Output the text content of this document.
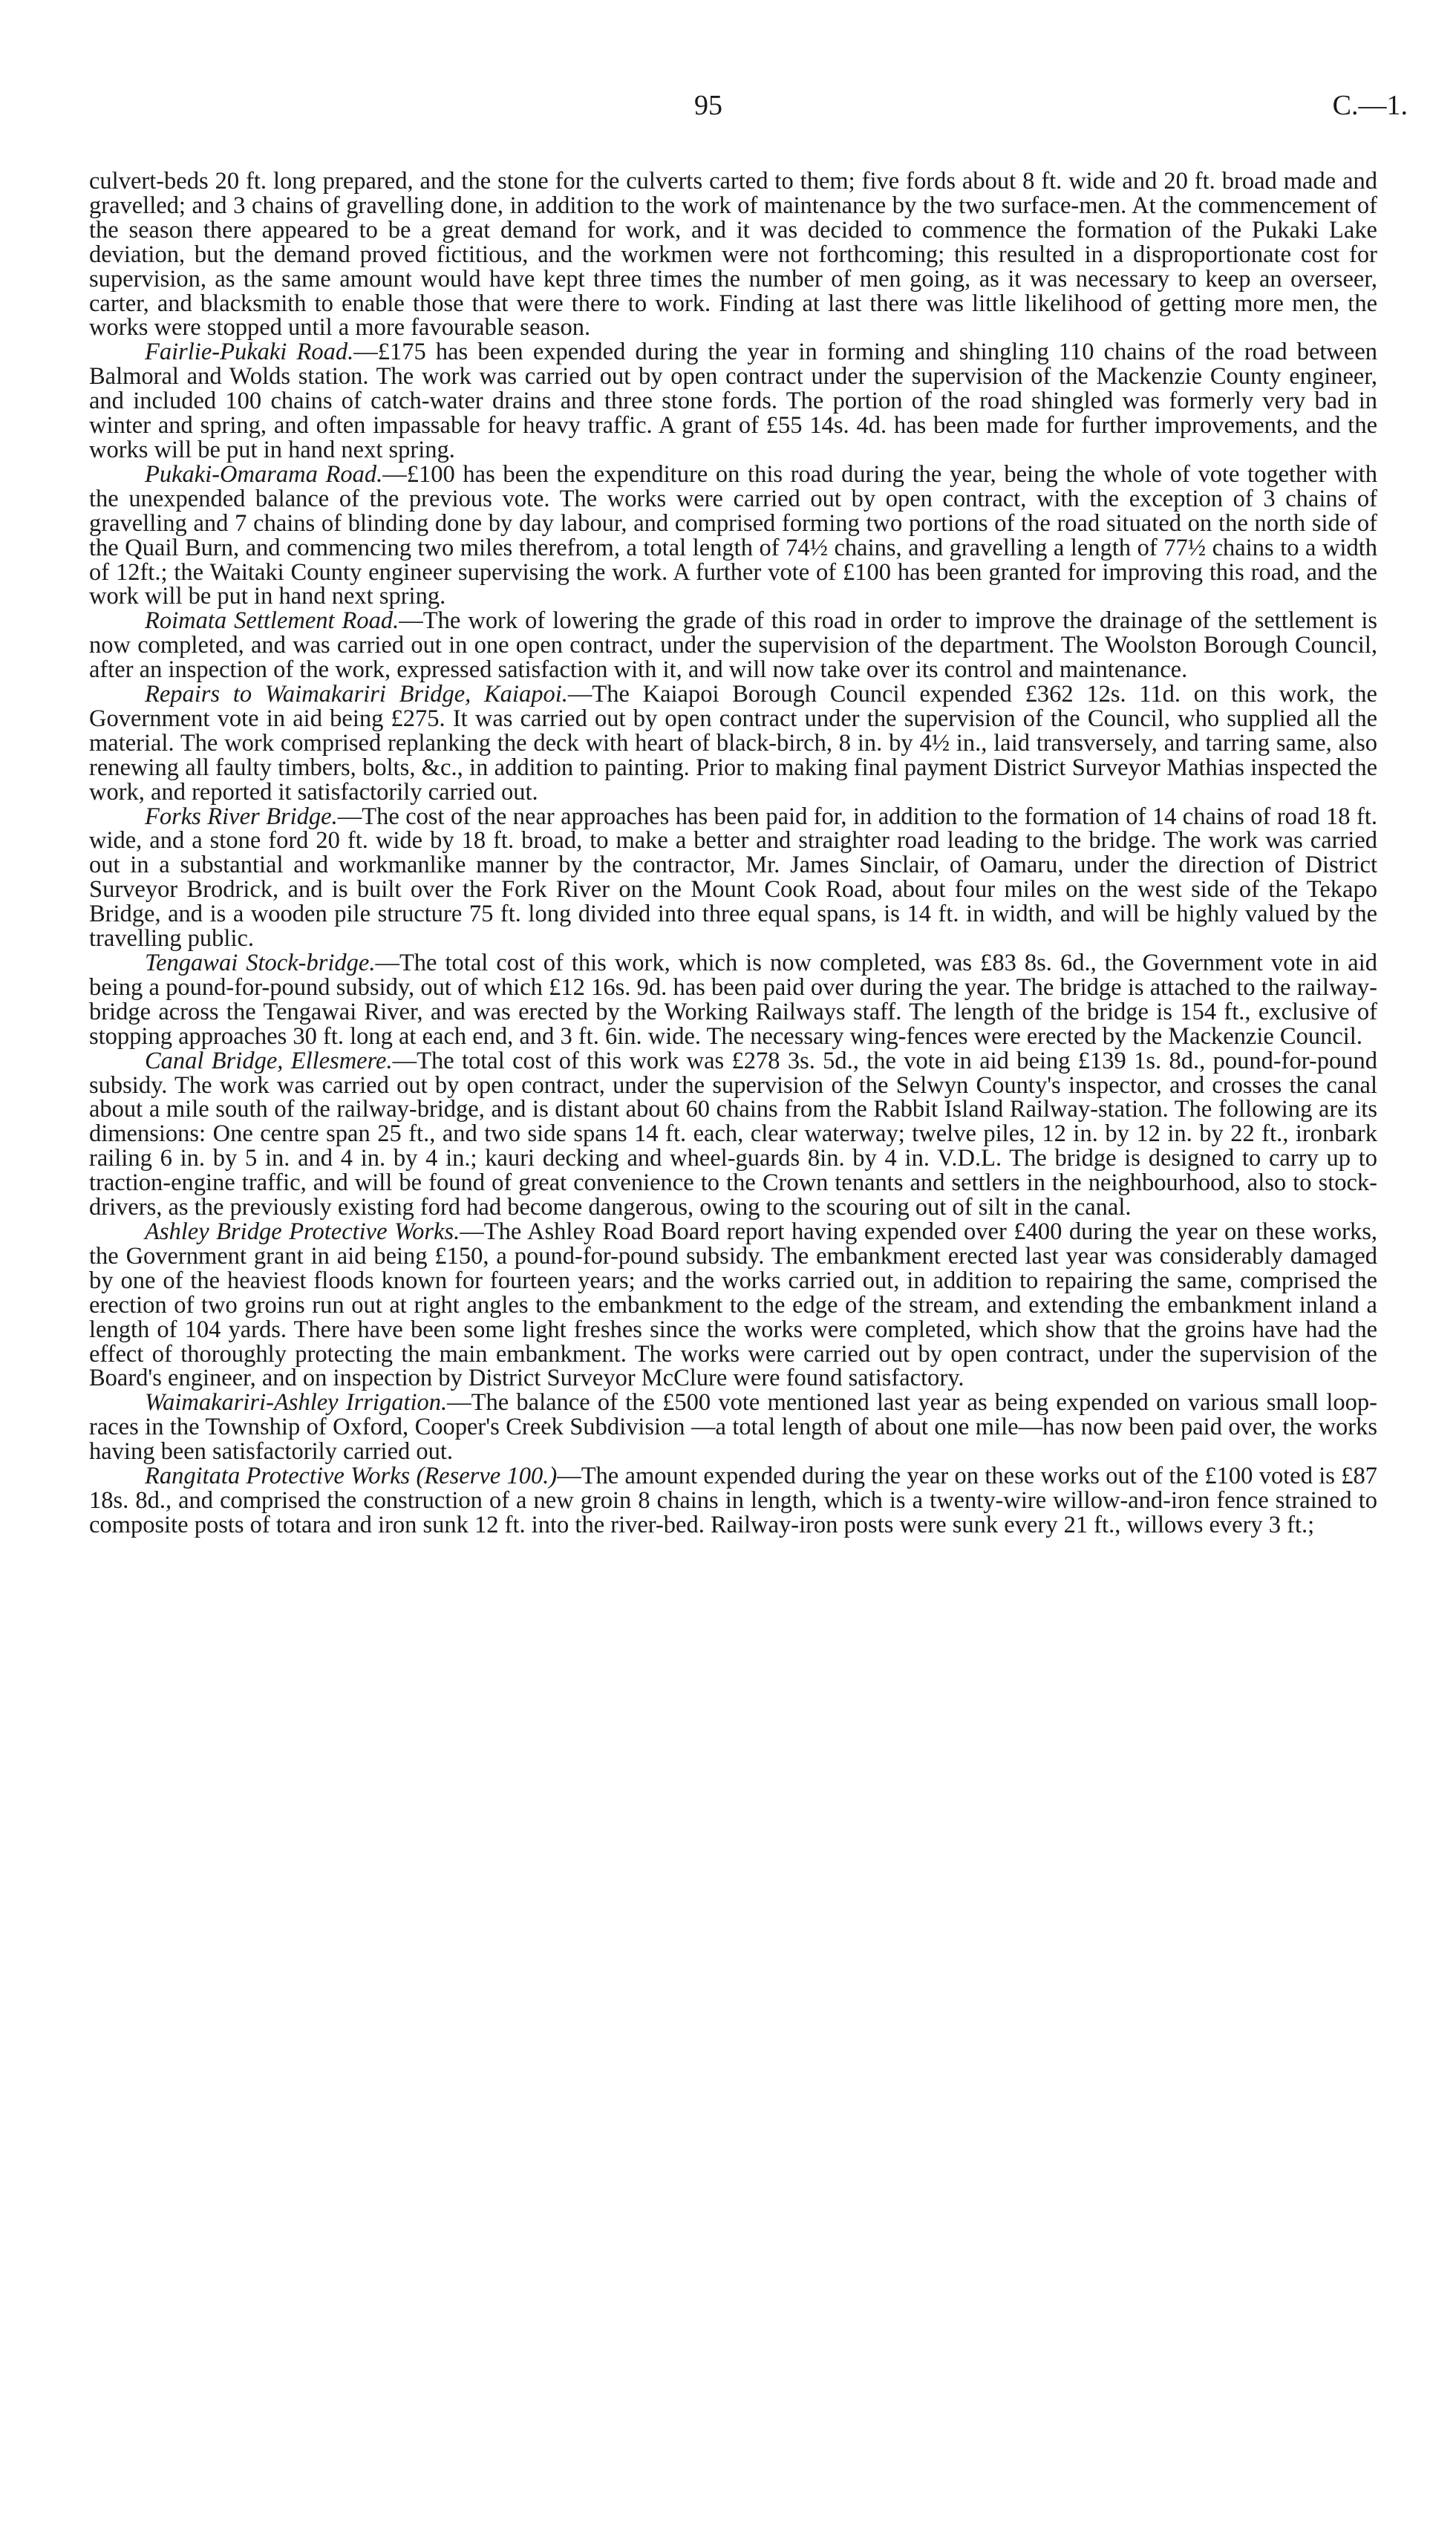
95	C.—1.

culvert-beds 20 ft. long prepared, and the stone for the culverts carted to them; five fords about 8 ft. wide and 20 ft. broad made and gravelled; and 3 chains of gravelling done, in addition to the work of maintenance by the two surface-men. At the commencement of the season there appeared to be a great demand for work, and it was decided to commence the formation of the Pukaki Lake deviation, but the demand proved fictitious, and the workmen were not forthcoming; this resulted in a disproportionate cost for supervision, as the same amount would have kept three times the number of men going, as it was necessary to keep an overseer, carter, and blacksmith to enable those that were there to work. Finding at last there was little likelihood of getting more men, the works were stopped until a more favourable season.

Fairlie-Pukaki Road.—£175 has been expended during the year in forming and shingling 110 chains of the road between Balmoral and Wolds station. The work was carried out by open contract under the supervision of the Mackenzie County engineer, and included 100 chains of catch-water drains and three stone fords. The portion of the road shingled was formerly very bad in winter and spring, and often impassable for heavy traffic. A grant of £55 14s. 4d. has been made for further improvements, and the works will be put in hand next spring.

Pukaki-Omarama Road.—£100 has been the expenditure on this road during the year, being the whole of vote together with the unexpended balance of the previous vote. The works were carried out by open contract, with the exception of 3 chains of gravelling and 7 chains of blinding done by day labour, and comprised forming two portions of the road situated on the north side of the Quail Burn, and commencing two miles therefrom, a total length of 74½ chains, and gravelling a length of 77½ chains to a width of 12ft.; the Waitaki County engineer supervising the work. A further vote of £100 has been granted for improving this road, and the work will be put in hand next spring.

Roimata Settlement Road.—The work of lowering the grade of this road in order to improve the drainage of the settlement is now completed, and was carried out in one open contract, under the supervision of the department. The Woolston Borough Council, after an inspection of the work, expressed satisfaction with it, and will now take over its control and maintenance.

Repairs to Waimakariri Bridge, Kaiapoi.—The Kaiapoi Borough Council expended £362 12s. 11d. on this work, the Government vote in aid being £275. It was carried out by open contract under the supervision of the Council, who supplied all the material. The work comprised replanking the deck with heart of black-birch, 8 in. by 4½ in., laid transversely, and tarring same, also renewing all faulty timbers, bolts, &c., in addition to painting. Prior to making final payment District Surveyor Mathias inspected the work, and reported it satisfactorily carried out.

Forks River Bridge.—The cost of the near approaches has been paid for, in addition to the formation of 14 chains of road 18 ft. wide, and a stone ford 20 ft. wide by 18 ft. broad, to make a better and straighter road leading to the bridge. The work was carried out in a substantial and workmanlike manner by the contractor, Mr. James Sinclair, of Oamaru, under the direction of District Surveyor Brodrick, and is built over the Fork River on the Mount Cook Road, about four miles on the west side of the Tekapo Bridge, and is a wooden pile structure 75 ft. long divided into three equal spans, is 14 ft. in width, and will be highly valued by the travelling public.

Tengawai Stock-bridge.—The total cost of this work, which is now completed, was £83 8s. 6d., the Government vote in aid being a pound-for-pound subsidy, out of which £12 16s. 9d. has been paid over during the year. The bridge is attached to the railway-bridge across the Tengawai River, and was erected by the Working Railways staff. The length of the bridge is 154 ft., exclusive of stopping approaches 30 ft. long at each end, and 3 ft. 6in. wide. The necessary wing-fences were erected by the Mackenzie Council.

Canal Bridge, Ellesmere.—The total cost of this work was £278 3s. 5d., the vote in aid being £139 1s. 8d., pound-for-pound subsidy. The work was carried out by open contract, under the supervision of the Selwyn County's inspector, and crosses the canal about a mile south of the railway-bridge, and is distant about 60 chains from the Rabbit Island Railway-station. The following are its dimensions: One centre span 25 ft., and two side spans 14 ft. each, clear waterway; twelve piles, 12 in. by 12 in. by 22 ft., ironbark railing 6 in. by 5 in. and 4 in. by 4 in.; kauri decking and wheel-guards 8in. by 4 in. V.D.L. The bridge is designed to carry up to traction-engine traffic, and will be found of great convenience to the Crown tenants and settlers in the neighbourhood, also to stock-drivers, as the previously existing ford had become dangerous, owing to the scouring out of silt in the canal.

Ashley Bridge Protective Works.—The Ashley Road Board report having expended over £400 during the year on these works, the Government grant in aid being £150, a pound-for-pound subsidy. The embankment erected last year was considerably damaged by one of the heaviest floods known for fourteen years; and the works carried out, in addition to repairing the same, comprised the erection of two groins run out at right angles to the embankment to the edge of the stream, and extending the embankment inland a length of 104 yards. There have been some light freshes since the works were completed, which show that the groins have had the effect of thoroughly protecting the main embankment. The works were carried out by open contract, under the supervision of the Board's engineer, and on inspection by District Surveyor McClure were found satisfactory.

Waimakariri-Ashley Irrigation.—The balance of the £500 vote mentioned last year as being expended on various small loop-races in the Township of Oxford, Cooper's Creek Subdivision —a total length of about one mile—has now been paid over, the works having been satisfactorily carried out.

Rangitata Protective Works (Reserve 100.)—The amount expended during the year on these works out of the £100 voted is £87 18s. 8d., and comprised the construction of a new groin 8 chains in length, which is a twenty-wire willow-and-iron fence strained to composite posts of totara and iron sunk 12 ft. into the river-bed. Railway-iron posts were sunk every 21 ft., willows every 3 ft.;
